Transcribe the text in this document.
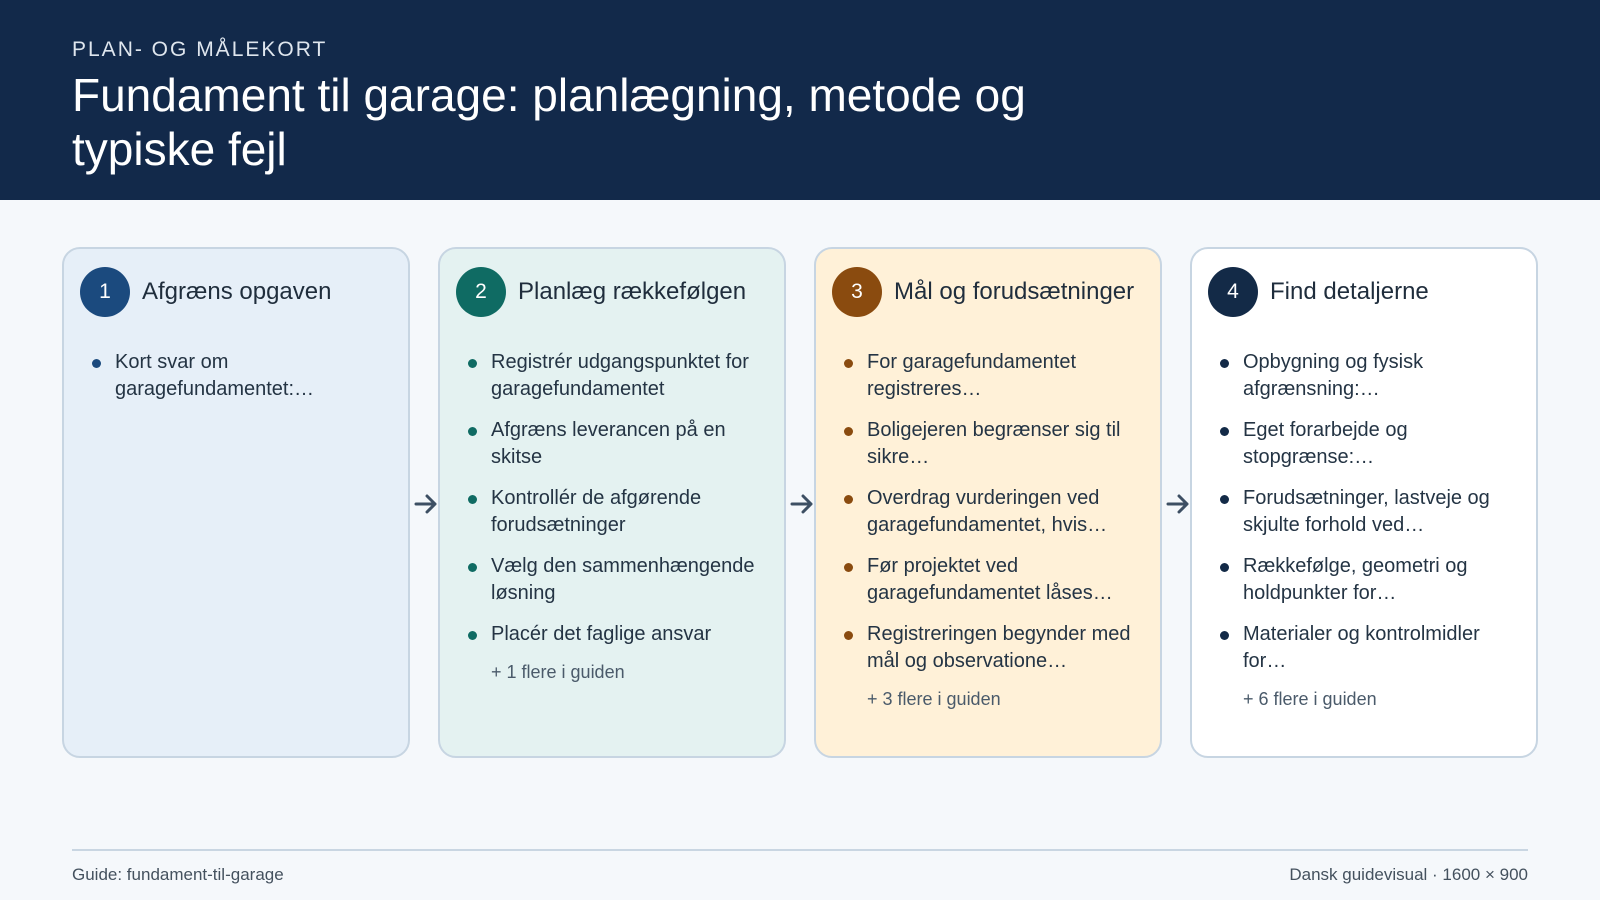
PLAN- OG MÅLEKORT
Fundament til garage: planlægning, metode og typiske fejl
1	Afgræns opgaven
Kort svar om garagefundamentet:…
2	Planlæg rækkefølgen
Registrér udgangspunktet for garagefundamentet
Afgræns leverancen på en skitse
Kontrollér de afgørende forudsætninger
Vælg den sammenhængende løsning
Placér det faglige ansvar
+ 1 flere i guiden
3	Mål og forudsætninger
For garagefundamentet registreres…
Boligejeren begrænser sig til sikre…
Overdrag vurderingen ved garagefundamentet, hvis…
Før projektet ved garagefundamentet låses…
Registreringen begynder med mål og observatione…
+ 3 flere i guiden
4	Find detaljerne
Opbygning og fysisk afgrænsning:…
Eget forarbejde og stopgrænse:…
Forudsætninger, lastveje og skjulte forhold ved…
Rækkefølge, geometri og holdpunkter for…
Materialer og kontrolmidler for…
+ 6 flere i guiden
Guide: fundament-til-garage	Dansk guidevisual · 1600 × 900
